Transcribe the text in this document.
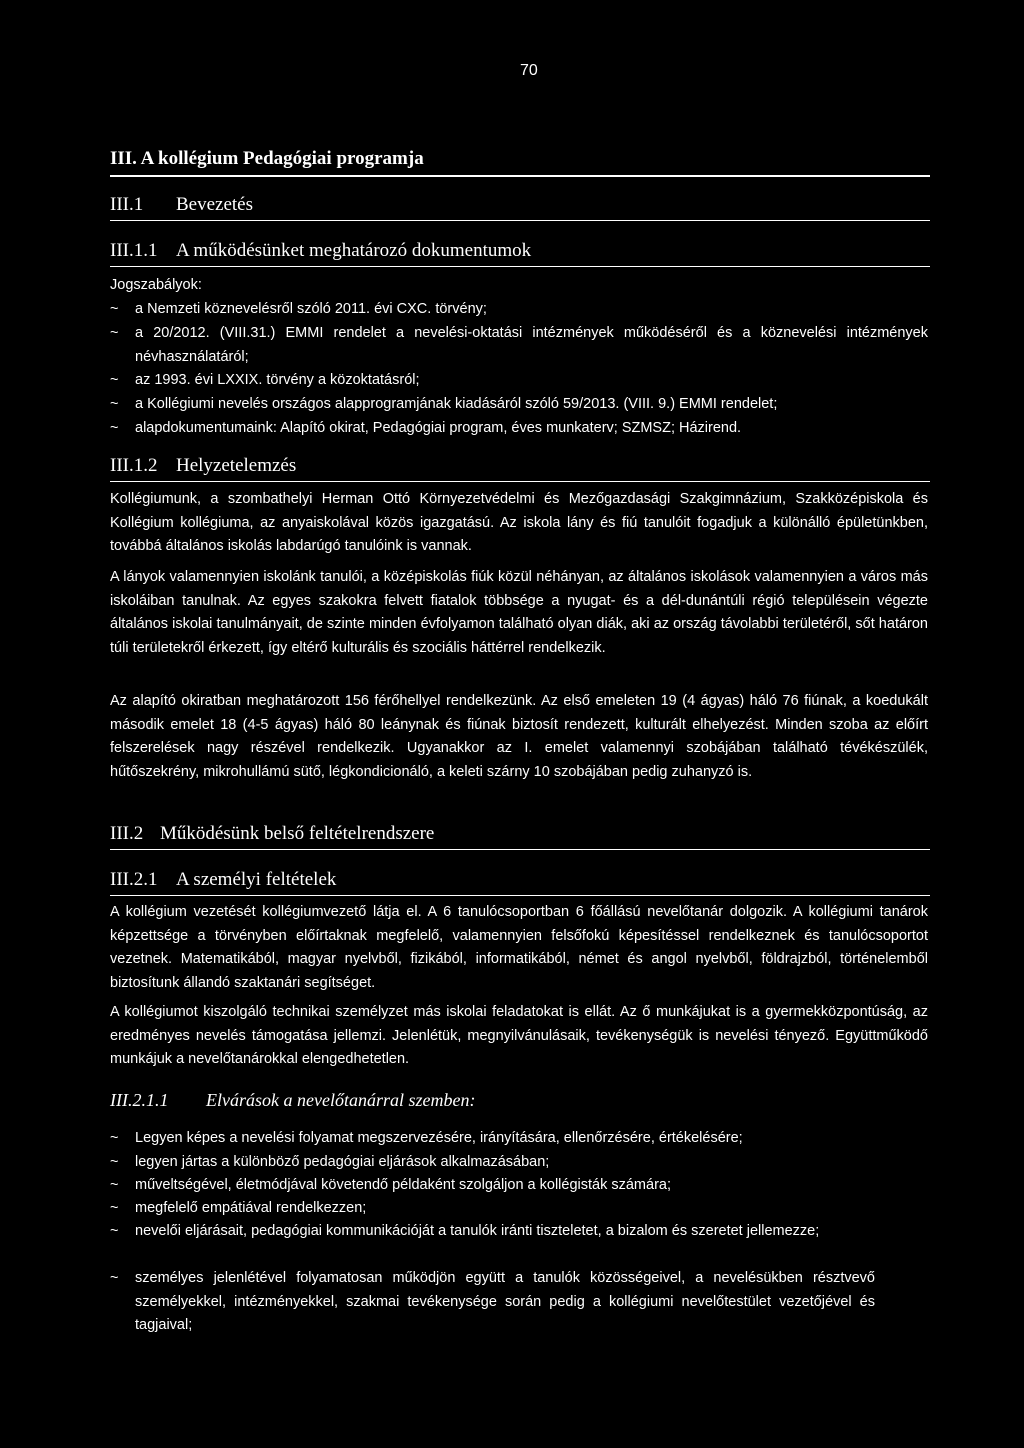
70
III. A kollégium Pedagógiai programja
III.1 Bevezetés
III.1.1 A működésünket meghatározó dokumentumok
Jogszabályok:
~ a Nemzeti köznevelésről szóló 2011. évi CXC. törvény;
~ a 20/2012. (VIII.31.) EMMI rendelet a nevelési-oktatási intézmények működéséről és a köznevelési intézmények névhasználatáról;
~ az 1993. évi LXXIX. törvény a közoktatásról;
~ a Kollégiumi nevelés országos alapprogramjának kiadásáról szóló 59/2013. (VIII. 9.) EMMI rendelet;
~ alapdokumentumaink: Alapító okirat, Pedagógiai program, éves munkaterv; SZMSZ; Házirend.
III.1.2 Helyzetelemzés
Kollégiumunk, a szombathelyi Herman Ottó Környezetvédelmi és Mezőgazdasági Szakgimnázium, Szakközépiskola és Kollégium kollégiuma, az anyaiskolával közös igazgatású. Az iskola lány és fiú tanulóit fogadjuk a különálló épületünkben, továbbá általános iskolás labdarúgó tanulóink is vannak.
A lányok valamennyien iskolánk tanulói, a középiskolás fiúk közül néhányan, az általános iskolások valamennyien a város más iskoláiban tanulnak. Az egyes szakokra felvett fiatalok többsége a nyugat- és a dél-dunántúli régió településein végezte általános iskolai tanulmányait, de szinte minden évfolyamon található olyan diák, aki az ország távolabbi területéről, sőt határon túli területekről érkezett, így eltérő kulturális és szociális háttérrel rendelkezik.
Az alapító okiratban meghatározott 156 férőhellyel rendelkezünk. Az első emeleten 19 (4 ágyas) háló 76 fiúnak, a koedukált második emelet 18 (4-5 ágyas) háló 80 leánynak és fiúnak biztosít rendezett, kulturált elhelyezést. Minden szoba az előírt felszerelések nagy részével rendelkezik. Ugyanakkor az I. emelet valamennyi szobájában található tévékészülék, hűtőszekrény, mikrohullámú sütő, légkondicionáló, a keleti szárny 10 szobájában pedig zuhanyzó is.
III.2 Működésünk belső feltételrendszere
III.2.1 A személyi feltételek
A kollégium vezetését kollégiumvezető látja el. A 6 tanulócsoportban 6 főállású nevelőtanár dolgozik. A kollégiumi tanárok képzettsége a törvényben előírtaknak megfelelő, valamennyien felsőfokú képesítéssel rendelkeznek és tanulócsoportot vezetnek. Matematikából, magyar nyelvből, fizikából, informatikából, német és angol nyelvből, földrajzból, történelemből biztosítunk állandó szaktanári segítséget.
A kollégiumot kiszolgáló technikai személyzet más iskolai feladatokat is ellát. Az ő munkájukat is a gyermekközpontúság, az eredményes nevelés támogatása jellemzi. Jelenlétük, megnyilvánulásaik, tevékenységük is nevelési tényező. Együttműködő munkájuk a nevelőtanárokkal elengedhetetlen.
III.2.1.1 Elvárások a nevelőtanárral szemben:
~ Legyen képes a nevelési folyamat megszervezésére, irányítására, ellenőrzésére, értékelésére;
~ legyen jártas a különböző pedagógiai eljárások alkalmazásában;
~ műveltségével, életmódjával követendő példaként szolgáljon a kollégisták számára;
~ megfelelő empátiával rendelkezzen;
~ nevelői eljárásait, pedagógiai kommunikációját a tanulók iránti tiszteletet, a bizalom és szeretet jellemezze;
~ személyes jelenlétével folyamatosan működjön együtt a tanulók közösségeivel, a nevelésükben résztvevő személyekkel, intézményekkel, szakmai tevékenysége során pedig a kollégiumi nevelőtestület vezetőjével és tagjaival;
